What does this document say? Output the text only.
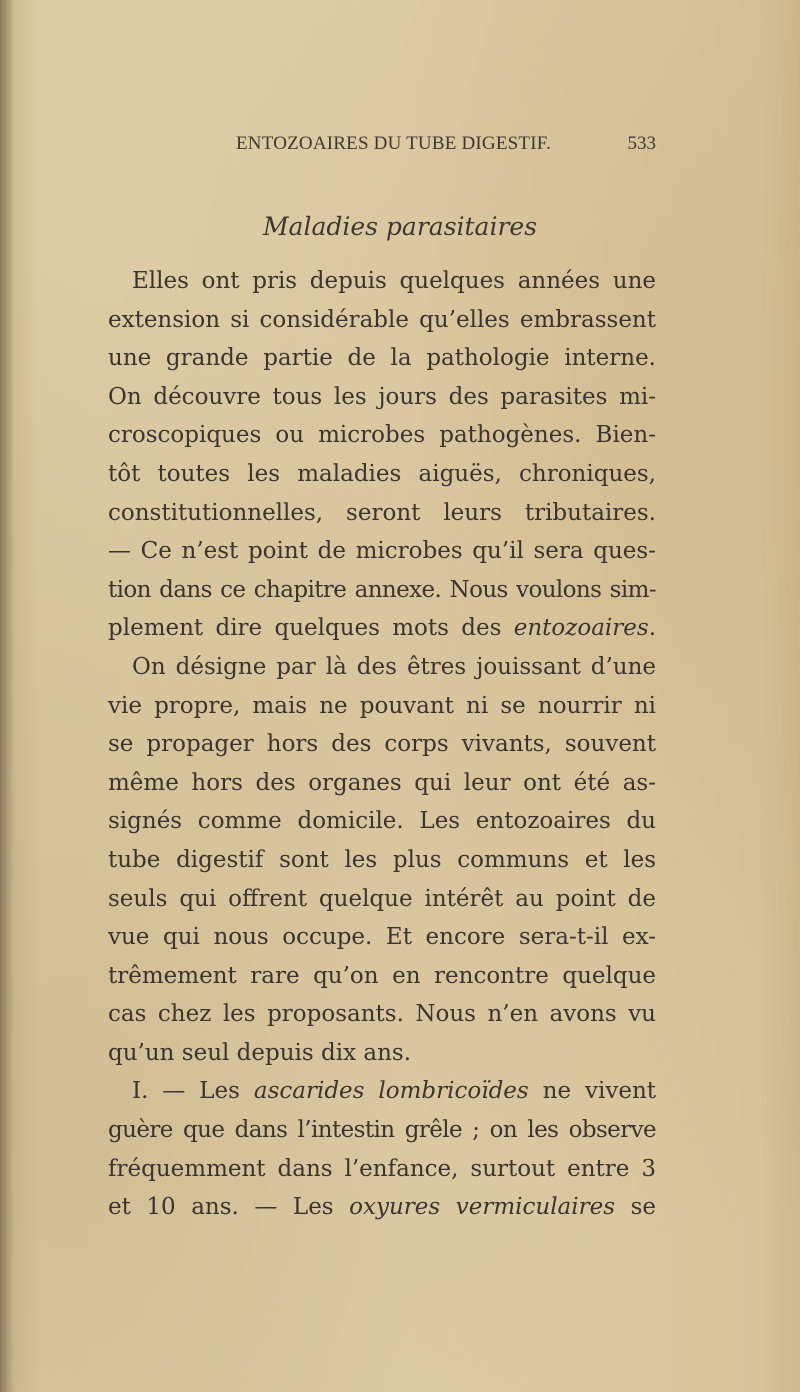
ENTOZOAIRES DU TUBE DIGESTIF.	533
Maladies parasitaires
Elles ont pris depuis quelques années une
extension si considérable qu’elles embrassent
une grande partie de la pathologie interne.
On découvre tous les jours des parasites mi-
croscopiques ou microbes pathogènes. Bien-
tôt toutes les maladies aiguës, chroniques,
constitutionnelles, seront leurs tributaires.
— Ce n’est point de microbes qu’il sera ques-
tion dans ce chapitre annexe. Nous voulons sim-
plement dire quelques mots des entozoaires.
On désigne par là des êtres jouissant d’une
vie propre, mais ne pouvant ni se nourrir ni
se propager hors des corps vivants, souvent
même hors des organes qui leur ont été as-
signés comme domicile. Les entozoaires du
tube digestif sont les plus communs et les
seuls qui offrent quelque intérêt au point de
vue qui nous occupe. Et encore sera-t-il ex-
trêmement rare qu’on en rencontre quelque
cas chez les proposants. Nous n’en avons vu
qu’un seul depuis dix ans.
I. — Les ascarides lombricoïdes ne vivent
guère que dans l’intestin grêle ; on les observe
fréquemment dans l’enfance, surtout entre 3
et 10 ans. — Les oxyures vermiculaires se
